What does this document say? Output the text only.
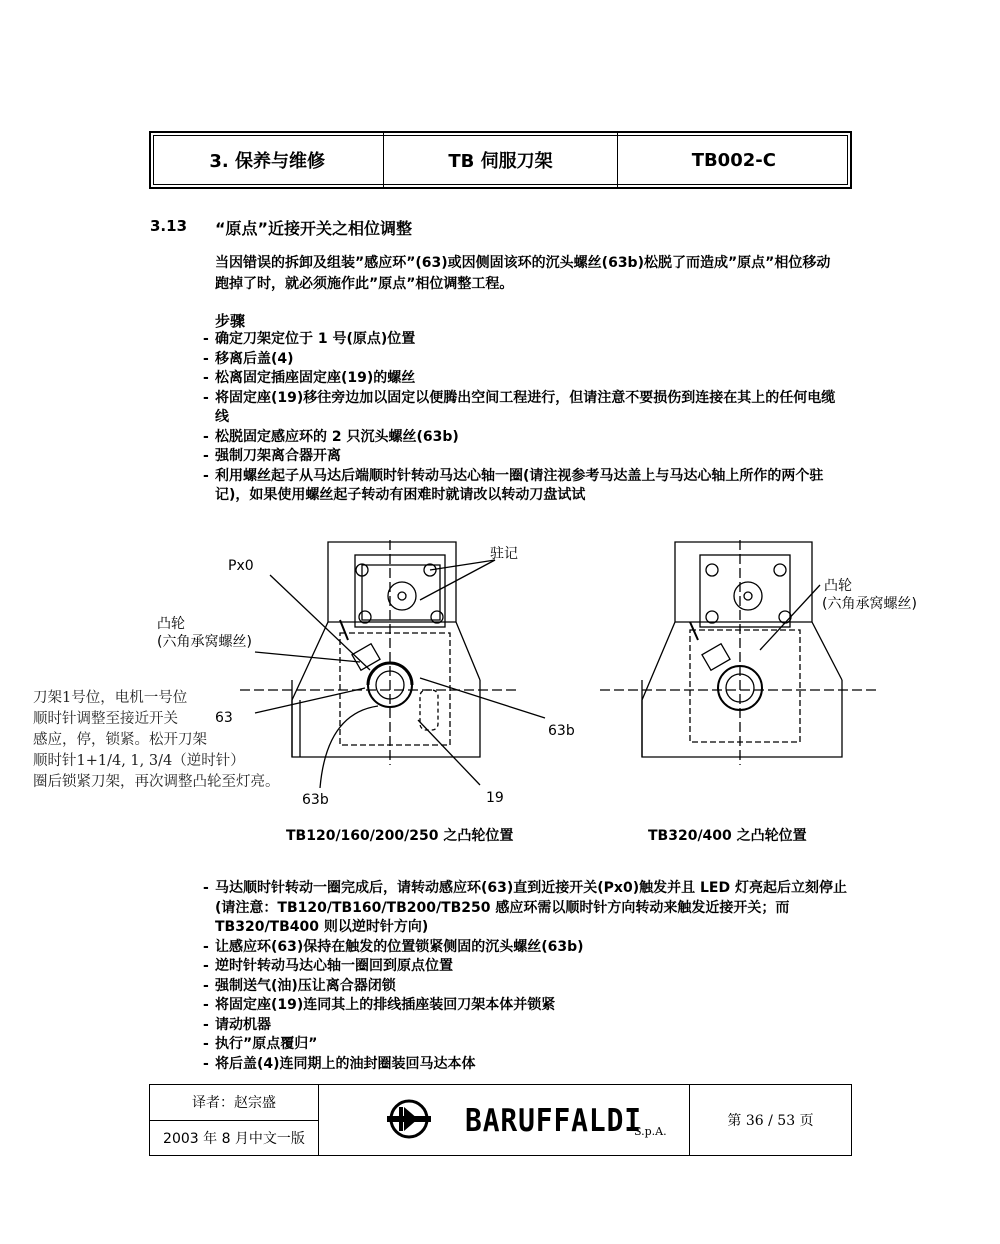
3. 保养与维修	TB 伺服刀架	TB002-C
3.13 “原点”近接开关之相位调整
当因错误的拆卸及组装”感应环”(63)或因侧固该环的沉头螺丝(63b)松脱了而造成”原点”相位移动跑掉了时，就必须施作此”原点”相位调整工程。
步骤
- 确定刀架定位于 1 号(原点)位置
- 移离后盖(4)
- 松离固定插座固定座(19)的螺丝
- 将固定座(19)移往旁边加以固定以便腾出空间工程进行，但请注意不要损伤到连接在其上的任何电缆线
- 松脱固定感应环的 2 只沉头螺丝(63b)
- 强制刀架离合器开离
- 利用螺丝起子从马达后端顺时针转动马达心轴一圈(请注视参考马达盖上与马达心轴上所作的两个驻记)，如果使用螺丝起子转动有困难时就请改以转动刀盘试试
驻记
Px0
凸轮
(六角承窝螺丝)
63
63b
19
63b
凸轮
(六角承窝螺丝)
刀架1号位，电机一号位
顺时针调整至接近开关
感应，停，锁紧。松开刀架
顺时针1+1/4, 1, 3/4（逆时针）
圈后锁紧刀架，再次调整凸轮至灯亮。
TB120/160/200/250 之凸轮位置	TB320/400 之凸轮位置
- 马达顺时针转动一圈完成后，请转动感应环(63)直到近接开关(Px0)触发并且 LED 灯亮起后立刻停止(请注意：TB120/TB160/TB200/TB250 感应环需以顺时针方向转动来触发近接开关；而 TB320/TB400 则以逆时针方向)
- 让感应环(63)保持在触发的位置锁紧侧固的沉头螺丝(63b)
- 逆时针转动马达心轴一圈回到原点位置
- 强制送气(油)压让离合器闭锁
- 将固定座(19)连同其上的排线插座装回刀架本体并锁紧
- 请动机器
- 执行”原点覆归”
- 将后盖(4)连同期上的油封圈装回马达本体
译者：赵宗盛
2003 年 8 月中文一版	BARUFFALDI
S.p.A.
第 36 / 53 页
